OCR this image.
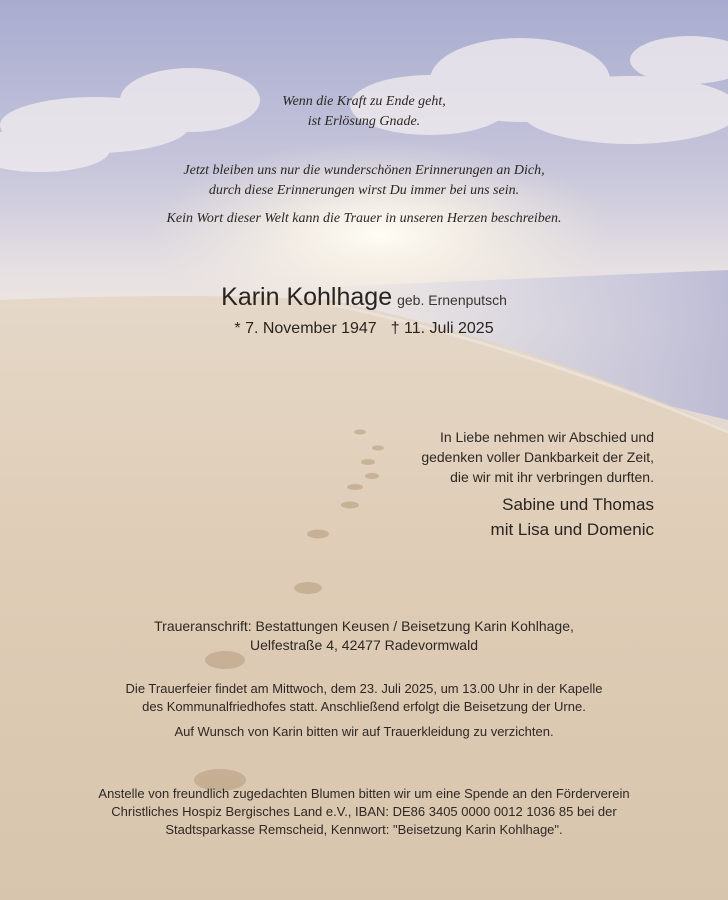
Wenn die Kraft zu Ende geht,
ist Erlösung Gnade.
Jetzt bleiben uns nur die wunderschönen Erinnerungen an Dich,
durch diese Erinnerungen wirst Du immer bei uns sein.
Kein Wort dieser Welt kann die Trauer in unseren Herzen beschreiben.
Karin Kohlhage geb. Ernenputsch
* 7. November 1947 † 11. Juli 2025
In Liebe nehmen wir Abschied und
gedenken voller Dankbarkeit der Zeit,
die wir mit ihr verbringen durften.
Sabine und Thomas
mit Lisa und Domenic
Traueranschrift: Bestattungen Keusen / Beisetzung Karin Kohlhage,
Uelfestraße 4, 42477 Radevormwald
Die Trauerfeier findet am Mittwoch, dem 23. Juli 2025, um 13.00 Uhr in der Kapelle
des Kommunalfriedhofes statt. Anschließend erfolgt die Beisetzung der Urne.
Auf Wunsch von Karin bitten wir auf Trauerkleidung zu verzichten.
Anstelle von freundlich zugedachten Blumen bitten wir um eine Spende an den Förderverein
Christliches Hospiz Bergisches Land e.V., IBAN: DE86 3405 0000 0012 1036 85 bei der
Stadtsparkasse Remscheid, Kennwort: "Beisetzung Karin Kohlhage".
